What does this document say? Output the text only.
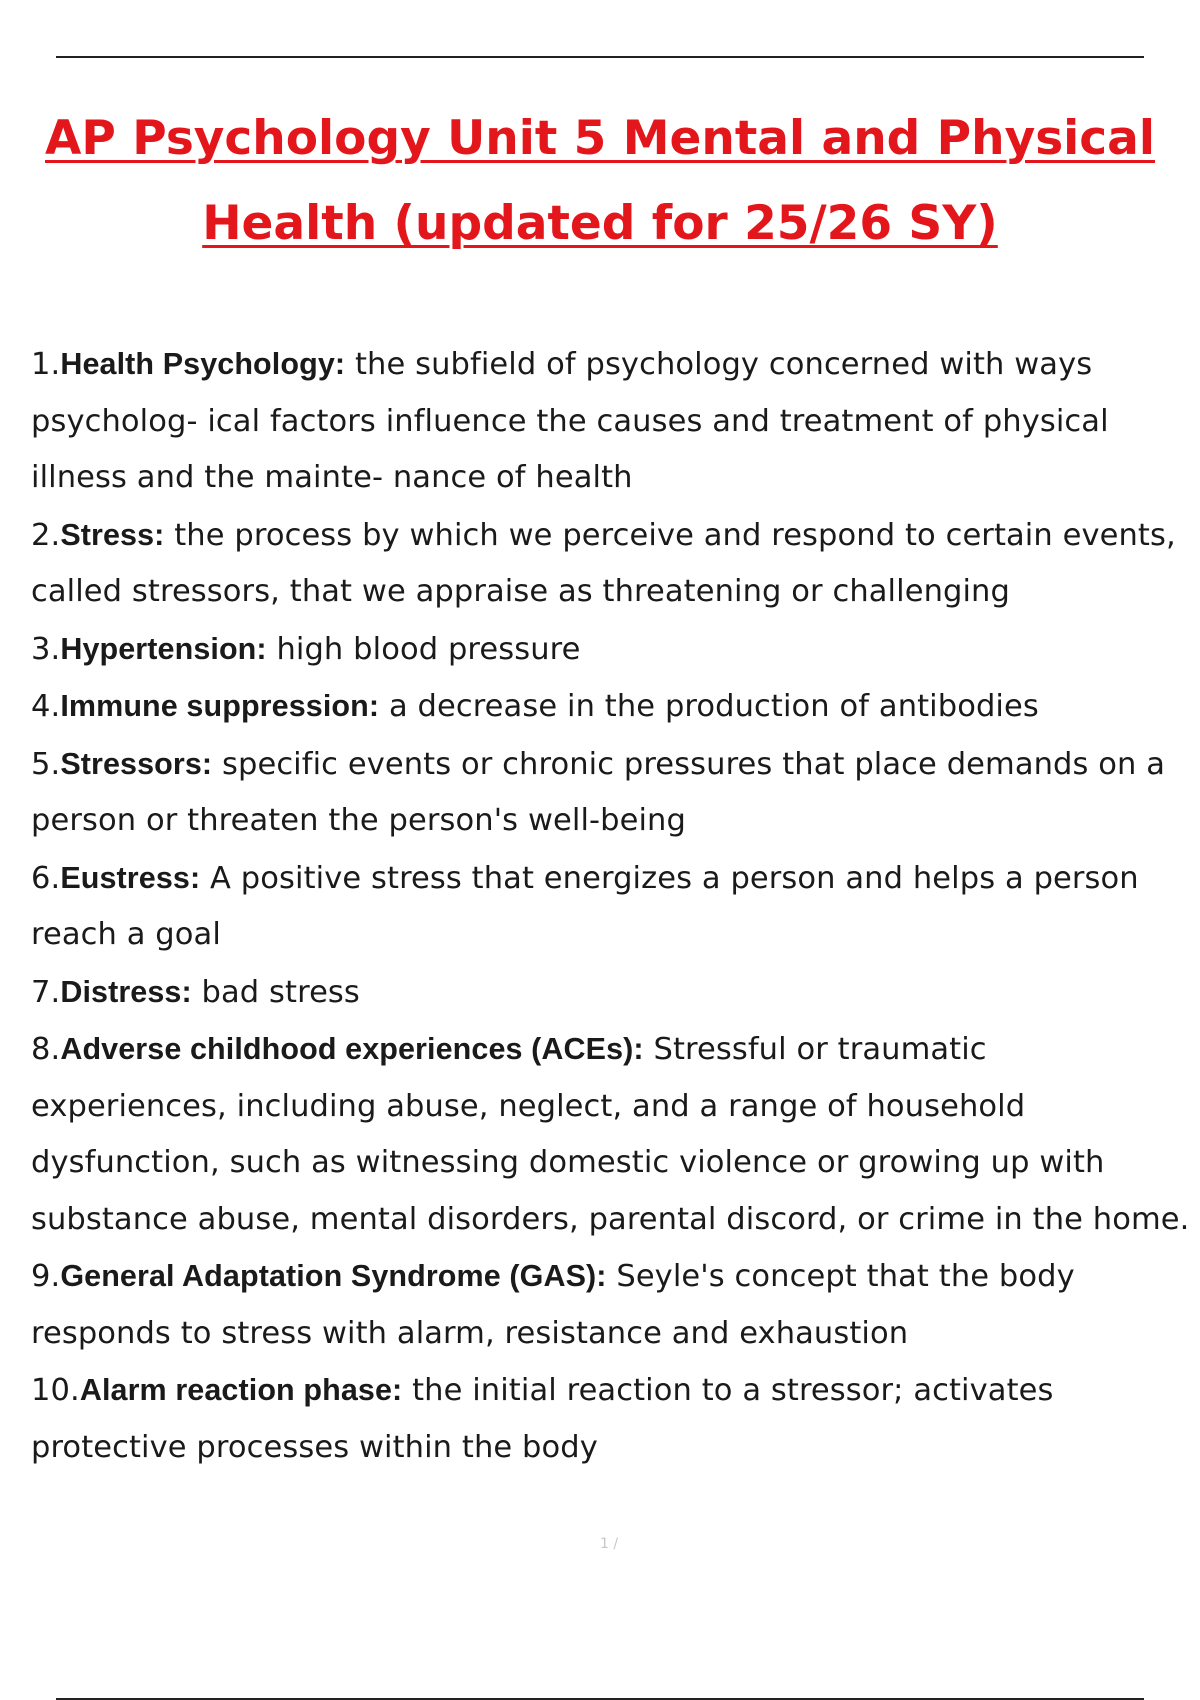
AP Psychology Unit 5 Mental and Physical Health (updated for 25/26 SY)
1.Health Psychology: the subfield of psychology concerned with ways psycholog- ical factors influence the causes and treatment of physical illness and the mainte- nance of health
2.Stress: the process by which we perceive and respond to certain events, called stressors, that we appraise as threatening or challenging
3.Hypertension: high blood pressure
4.Immune suppression: a decrease in the production of antibodies
5.Stressors: specific events or chronic pressures that place demands on a person or threaten the person's well-being
6.Eustress: A positive stress that energizes a person and helps a person reach a goal
7.Distress: bad stress
8.Adverse childhood experiences (ACEs): Stressful or traumatic experiences, including abuse, neglect, and a range of household dysfunction, such as witnessing domestic violence or growing up with substance abuse, mental disorders, parental discord, or crime in the home.
9.General Adaptation Syndrome (GAS): Seyle's concept that the body responds to stress with alarm, resistance and exhaustion
10.Alarm reaction phase: the initial reaction to a stressor; activates protective processes within the body
1 /
